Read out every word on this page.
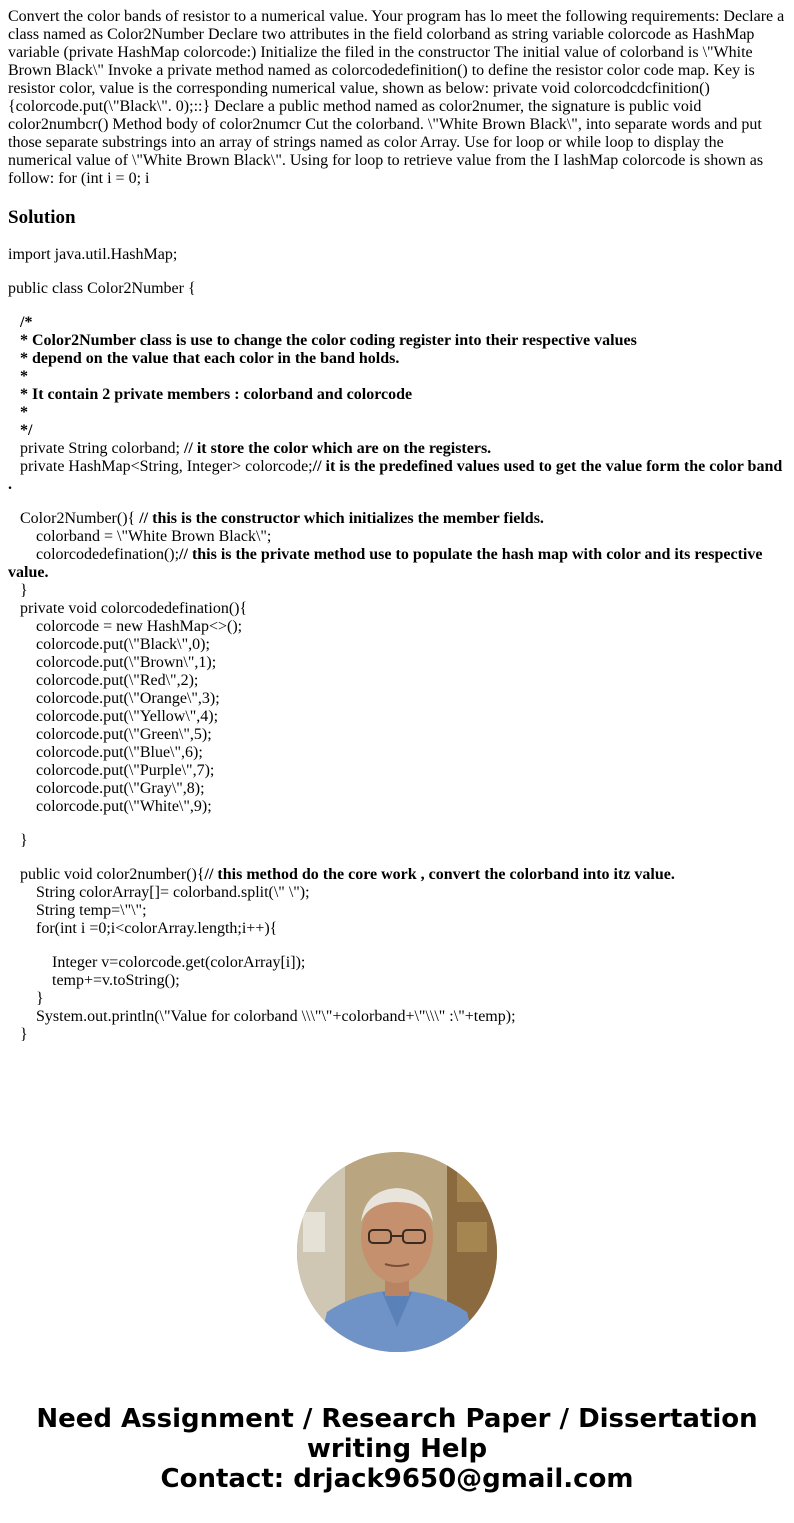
Convert the color bands of resistor to a numerical value. Your program has lo meet the following requirements: Declare a class named as Color2Number Declare two attributes in the field colorband as string variable colorcode as HashMap variable (private HashMap colorcode:) Initialize the filed in the constructor The initial value of colorband is \"White Brown Black\" Invoke a private method named as colorcodedefinition() to define the resistor color code map. Key is resistor color, value is the corresponding numerical value, shown as below: private void colorcodcdcfinition() {colorcode.put(\"Black\". 0);::} Declare a public method named as color2numer, the signature is public void color2numbcr() Method body of color2numcr Cut the colorband. \"White Brown Black\", into separate words and put those separate substrings into an array of strings named as color Array. Use for loop or while loop to display the numerical value of \"White Brown Black\". Using for loop to retrieve value from the I lashMap colorcode is shown as follow: for (int i = 0; i

Solution
import java.util.HashMap;
public class Color2Number {
/*
* Color2Number class is use to change the color coding register into their respective values
* depend on the value that each color in the band holds.
*
* It contain 2 private members : colorband and colorcode
*
*/
private String colorband; // it store the color which are on the registers.
private HashMap<String, Integer> colorcode;// it is the predefined values used to get the value form the color band .
Color2Number(){ // this is the constructor which initializes the member fields.
colorband = \"White Brown Black\";
colorcodedefination();// this is the private method use to populate the hash map with color and its respective value.
}
private void colorcodedefination(){
colorcode = new HashMap<>();
colorcode.put(\"Black\",0);
colorcode.put(\"Brown\",1);
colorcode.put(\"Red\",2);
colorcode.put(\"Orange\",3);
colorcode.put(\"Yellow\",4);
colorcode.put(\"Green\",5);
colorcode.put(\"Blue\",6);
colorcode.put(\"Purple\",7);
colorcode.put(\"Gray\",8);
colorcode.put(\"White\",9);
}
public void color2number(){// this method do the core work , convert the colorband into itz value.
String colorArray[]= colorband.split(\" \");
String temp=\"\";
for(int i =0;i<colorArray.length;i++){
Integer v=colorcode.get(colorArray[i]);
temp+=v.toString();
}
System.out.println(\"Value for colorband \\\"\"+colorband+\"\\\" :\"+temp);
}
Need Assignment / Research Paper / Dissertation
writing Help
Contact: drjack9650@gmail.com
